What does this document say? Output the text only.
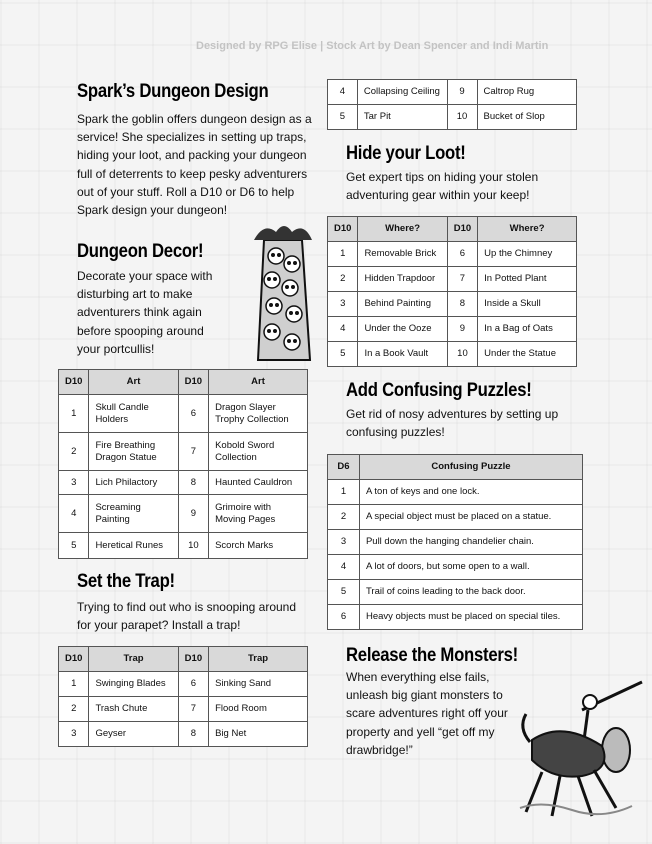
Designed by RPG Elise | Stock Art by Dean Spencer and Indi Martin
Spark’s Dungeon Design

Spark the goblin offers dungeon design as a service! She specializes in setting up traps, hiding your loot, and packing your dungeon full of deterrents to keep pesky adventurers out of your stuff. Roll a D10 or D6 to help Spark design your dungeon!

Dungeon Decor!

Decorate your space with disturbing art to make adventurers think again before spooping around your portcullis!

D10	Art	D10	Art
1	Skull Candle Holders	6	Dragon Slayer Trophy Collection
2	Fire Breathing Dragon Statue	7	Kobold Sword Collection
3	Lich Philactory	8	Haunted Cauldron
4	Screaming Painting	9	Grimoire with Moving Pages
5	Heretical Runes	10	Scorch Marks
Set the Trap!

Trying to find out who is snooping around for your parapet? Install a trap!

D10	Trap	D10	Trap
1	Swinging Blades	6	Sinking Sand
2	Trash Chute	7	Flood Room
3	Geyser	8	Big Net
4	Collapsing Ceiling	9	Caltrop Rug
5	Tar Pit	10	Bucket of Slop
Hide your Loot!

Get expert tips on hiding your stolen adventuring gear within your keep!

D10	Where?	D10	Where?
1	Removable Brick	6	Up the Chimney
2	Hidden Trapdoor	7	In Potted Plant
3	Behind Painting	8	Inside a Skull
4	Under the Ooze	9	In a Bag of Oats
5	In a Book Vault	10	Under the Statue
Add Confusing Puzzles!

Get rid of nosy adventures by setting up confusing puzzles!

D6	Confusing Puzzle
1	A ton of keys and one lock.
2	A special object must be placed on a statue.
3	Pull down the hanging chandelier chain.
4	A lot of doors, but some open to a wall.
5	Trail of coins leading to the back door.
6	Heavy objects must be placed on special tiles.
Release the Monsters!

When everything else fails, unleash big giant monsters to scare adventures right off your property and yell “get off my drawbridge!”
